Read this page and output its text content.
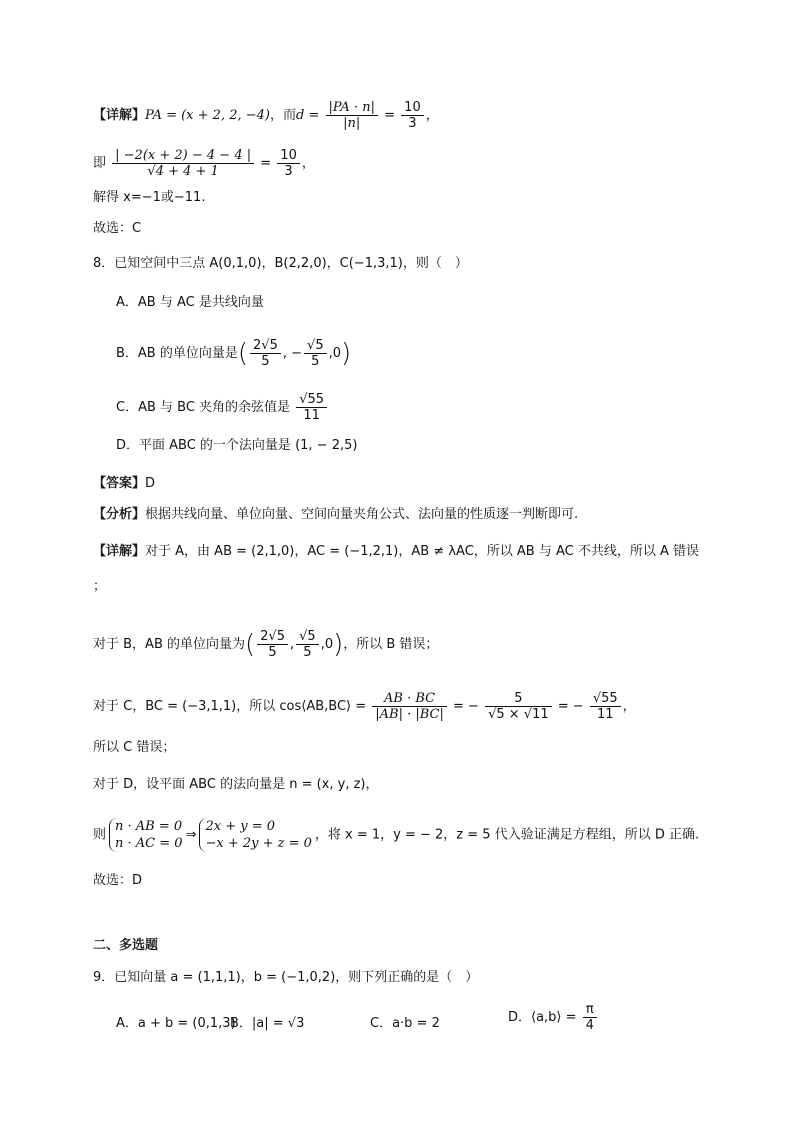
【详解】PA = (x + 2, 2, −4)，而$d = \frac{|PA \cdot n|}{|n|} = \frac{10}{3}$ ，
即 $\frac{| -2(x + 2) - 4 - 4 |}{√4 + 4 + 1} = \frac{10}{3}$ ，
解得 x=−1或−11.
故选：C
8．已知空间中三点 A(0,1,0)，B(2,2,0)，C(−1,3,1)，则（　）
A．AB 与 AC 是共线向量
B．AB 的单位向量是( $\frac{2√5}{5}$ , − $\frac{√5}{5} ,0$)
C．AB 与 BC 夹角的余弦值是 $\frac{√55}{11}$
D．平面 ABC 的一个法向量是 (1, − 2,5)
【答案】D
【分析】根据共线向量、单位向量、空间向量夹角公式、法向量的性质逐一判断即可.
【详解】对于 A，由 AB = (2,1,0)，AC = (−1,2,1)，AB ≠ λAC，所以 AB 与 AC 不共线，所以 A 错误
；
对于 B，AB 的单位向量为( $\frac{2√5}{5}$ , $\frac{√5}{5} ,0$)，所以 B 错误；
对于 C，BC = (−3,1,1)，所以 cos⟨AB,BC⟩ = $\frac{AB \cdot BC}{|AB| \cdot |BC|}$ = − $\frac{5}{√5 \times √11}$ = − $\frac{√55}{11}$ ，
所以 C 错误；
对于 D，设平面 ABC 的法向量是 n = (x, y, z)，
则
n · AB = 0
n · AC = 0
⇒
2x + y = 0
−x + 2y + z = 0
，将 x = 1，y = − 2，z = 5 代入验证满足方程组，所以 D 正确.
故选：D
二、多选题
9．已知向量 a = (1,1,1)，b = (−1,0,2)，则下列正确的是（　）
A．a + b = (0,1,3)
B．|a| = √3	C．a·b = 2	D．⟨a,b⟩ = $\frac{\pi}{4}$
